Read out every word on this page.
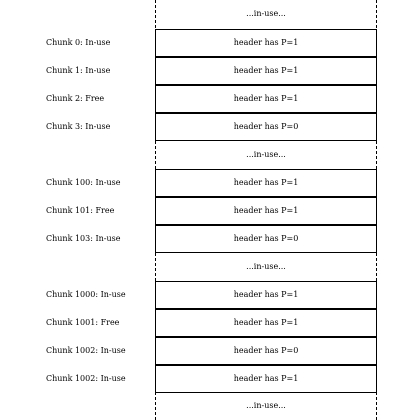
...in-use...
Chunk 0: In-use	header has P=1
Chunk 1: In-use	header has P=1
Chunk 2: Free	header has P=1
Chunk 3: In-use	header has P=0
...in-use...
Chunk 100: In-use	header has P=1
Chunk 101: Free	header has P=1
Chunk 103: In-use	header has P=0
...in-use...
Chunk 1000: In-use	header has P=1
Chunk 1001: Free	header has P=1
Chunk 1002: In-use	header has P=0
Chunk 1002: In-use	header has P=1
...in-use...
